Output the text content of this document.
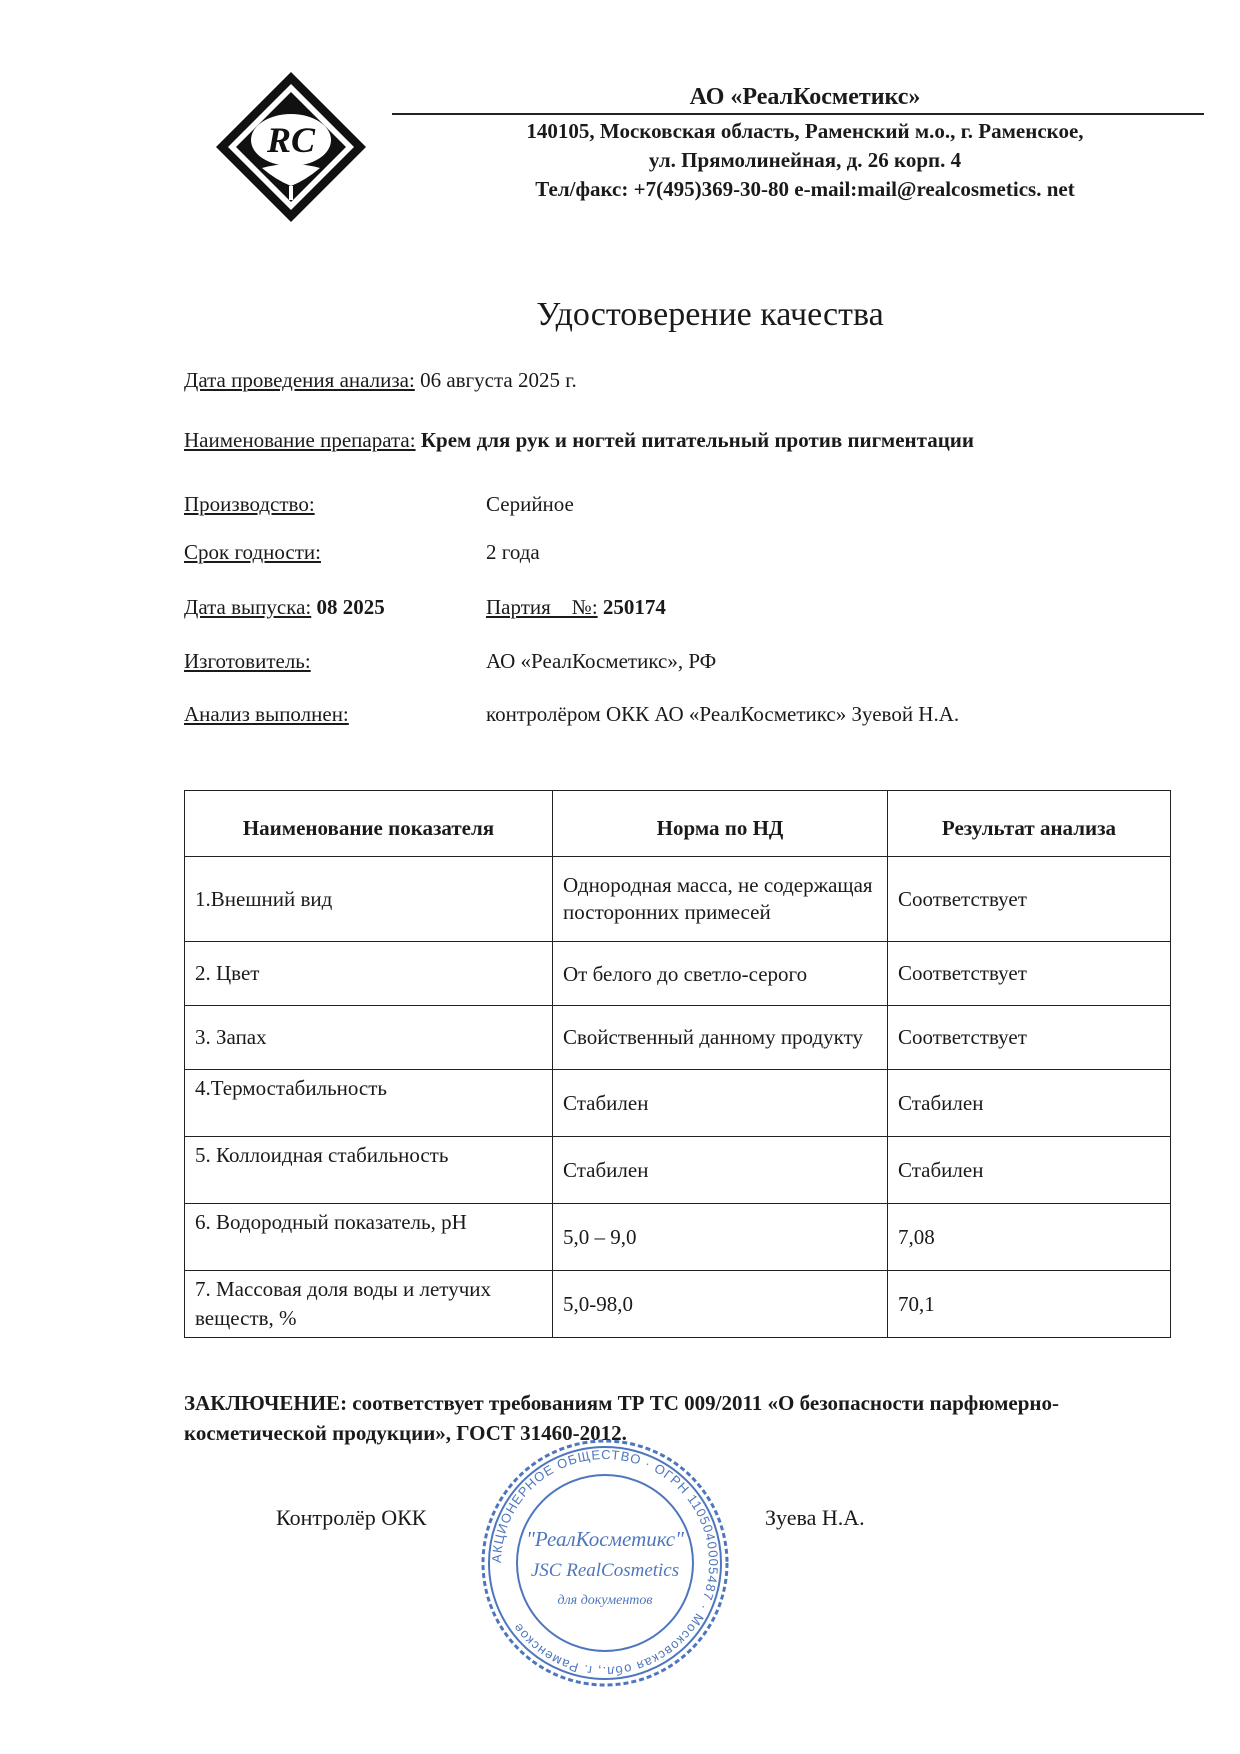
RC
АО «РеалКосметикс»
140105, Московская область, Раменский м.о., г. Раменское,
ул. Прямолинейная, д. 26 корп. 4
Тел/факс: +7(495)369-30-80 e-mail:mail@realcosmetics. net
Удостоверение качества
Дата проведения анализа: 06 августа 2025 г.
Наименование препарата: Крем для рук и ногтей питательный против пигментации
Производство:	Серийное
Срок годности:	2 года
Дата выпуска: 08 2025	Партия    №: 250174
Изготовитель:	АО «РеалКосметикс», РФ
Анализ выполнен:	контролёром ОКК АО «РеалКосметикс» Зуевой Н.А.
Наименование показателя	Норма по НД	Результат анализа
1.Внешний вид	Однородная масса, не содержащая посторонних примесей	Соответствует
2. Цвет	От белого до светло-серого	Соответствует
3. Запах	Свойственный данному продукту	Соответствует
4.Термостабильность	Стабилен	Стабилен
5. Коллоидная стабильность	Стабилен	Стабилен
6. Водородный показатель, pH	5,0 – 9,0	7,08
7. Массовая доля воды и летучих веществ, %	5,0-98,0	70,1
ЗАКЛЮЧЕНИЕ: соответствует требованиям ТР ТС 009/2011 «О безопасности парфюмерно-косметической продукции», ГОСТ 31460-2012.
Контролёр ОКК	Зуева Н.А.
АКЦИОНЕРНОЕ ОБЩЕСТВО · ОГРН 1105040005487 · Московская обл., г. Раменское
"РеалКосметикс"
JSC RealCosmetics
для документов
